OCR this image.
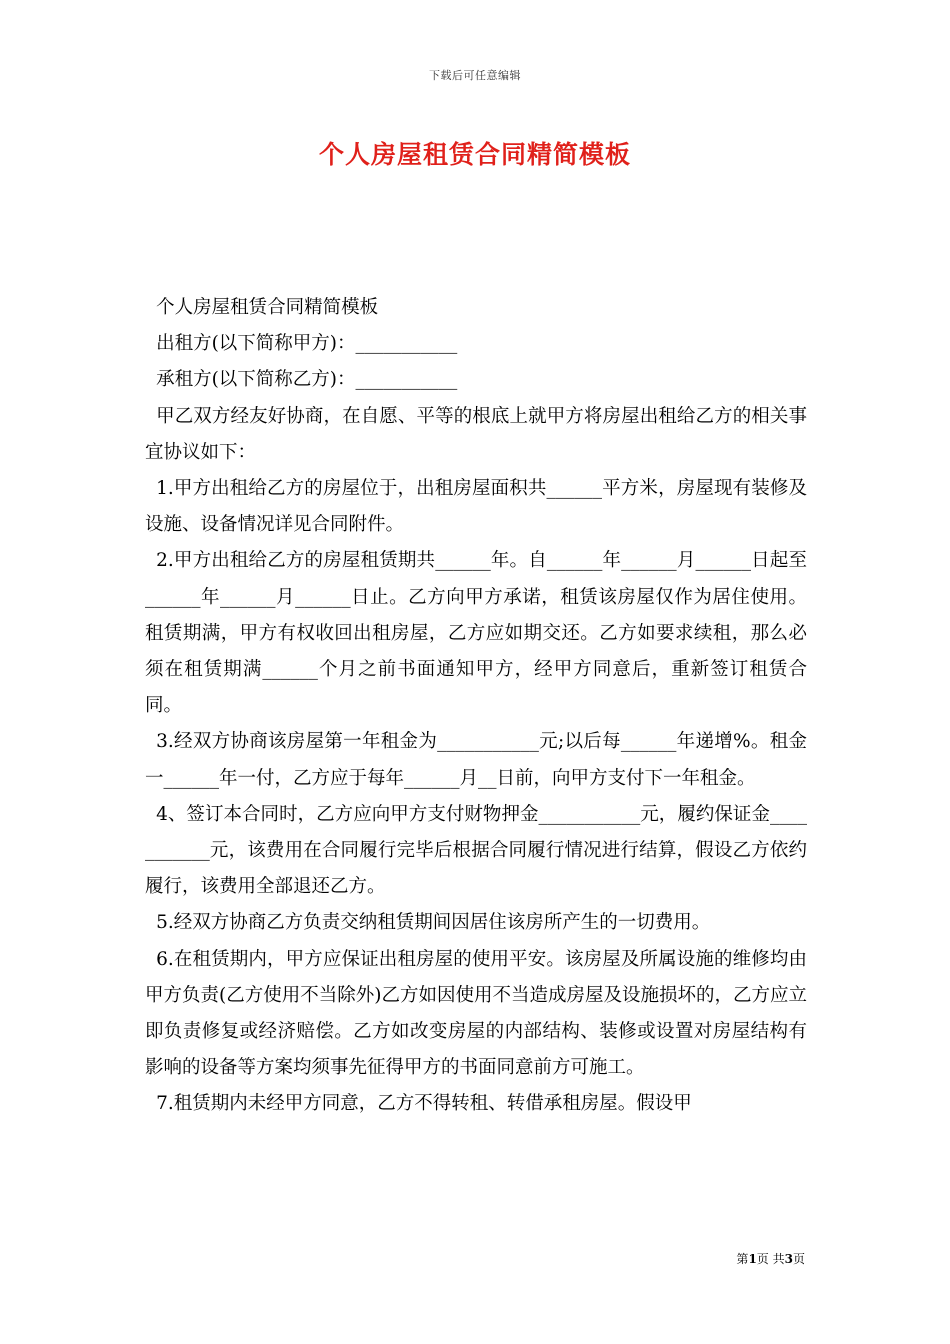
下载后可任意编辑
个人房屋租赁合同精简模板

个人房屋租赁合同精简模板

出租方(以下简称甲方)：___________

承租方(以下简称乙方)：___________

甲乙双方经友好协商，在自愿、平等的根底上就甲方将房屋出租给乙方的相关事宜协议如下：

1.甲方出租给乙方的房屋位于，出租房屋面积共______平方米，房屋现有装修及设施、设备情况详见合同附件。

2.甲方出租给乙方的房屋租赁期共______年。自______年______月______日起至______年______月______日止。乙方向甲方承诺，租赁该房屋仅作为居住使用。租赁期满，甲方有权收回出租房屋，乙方应如期交还。乙方如要求续租，那么必须在租赁期满______个月之前书面通知甲方，经甲方同意后，重新签订租赁合同。

3.经双方协商该房屋第一年租金为___________元;以后每______年递增%。租金一______年一付，乙方应于每年______月__日前，向甲方支付下一年租金。

4、签订本合同时，乙方应向甲方支付财物押金___________元，履约保证金___________元，该费用在合同履行完毕后根据合同履行情况进行结算，假设乙方依约履行，该费用全部退还乙方。

5.经双方协商乙方负责交纳租赁期间因居住该房所产生的一切费用。

6.在租赁期内，甲方应保证出租房屋的使用平安。该房屋及所属设施的维修均由甲方负责(乙方使用不当除外)乙方如因使用不当造成房屋及设施损坏的，乙方应立即负责修复或经济赔偿。乙方如改变房屋的内部结构、装修或设置对房屋结构有影响的设备等方案均须事先征得甲方的书面同意前方可施工。

7.租赁期内未经甲方同意，乙方不得转租、转借承租房屋。假设甲

第1页 共3页
